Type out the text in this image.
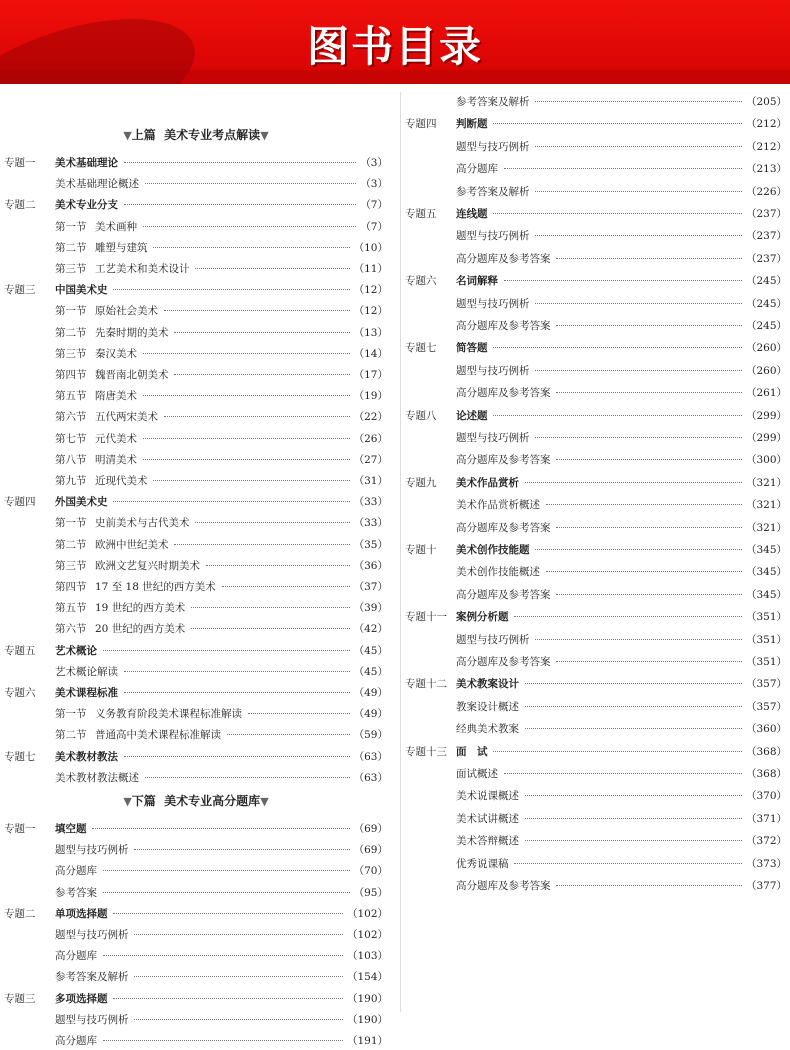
图书目录
▼上篇 美术专业考点解读▼
专题一 美术基础理论	（3）
美术基础理论概述	（3）
专题二 美术专业分支	（7）
第一节 美术画种	（7）
第二节 雕塑与建筑	（10）
第三节 工艺美术和美术设计	（11）
专题三 中国美术史	（12）
第一节 原始社会美术	（12）
第二节 先秦时期的美术	（13）
第三节 秦汉美术	（14）
第四节 魏晋南北朝美术	（17）
第五节 隋唐美术	（19）
第六节 五代两宋美术	（22）
第七节 元代美术	（26）
第八节 明清美术	（27）
第九节 近现代美术	（31）
专题四 外国美术史	（33）
第一节 史前美术与古代美术	（33）
第二节 欧洲中世纪美术	（35）
第三节 欧洲文艺复兴时期美术	（36）
第四节 17 至 18 世纪的西方美术	（37）
第五节 19 世纪的西方美术	（39）
第六节 20 世纪的西方美术	（42）
专题五 艺术概论	（45）
艺术概论解读	（45）
专题六 美术课程标准	（49）
第一节 义务教育阶段美术课程标准解读	（49）
第二节 普通高中美术课程标准解读	（59）
专题七 美术教材教法	（63）
美术教材教法概述	（63）
▼下篇 美术专业高分题库▼
专题一 填空题	（69）
题型与技巧例析	（69）
高分题库	（70）
参考答案	（95）
专题二 单项选择题	（102）
题型与技巧例析	（102）
高分题库	（103）
参考答案及解析	（154）
专题三 多项选择题	（190）
题型与技巧例析	（190）
高分题库	（191）
参考答案及解析	（205）
专题四 判断题	（212）
题型与技巧例析	（212）
高分题库	（213）
参考答案及解析	（226）
专题五 连线题	（237）
题型与技巧例析	（237）
高分题库及参考答案	（237）
专题六 名词解释	（245）
题型与技巧例析	（245）
高分题库及参考答案	（245）
专题七 简答题	（260）
题型与技巧例析	（260）
高分题库及参考答案	（261）
专题八 论述题	（299）
题型与技巧例析	（299）
高分题库及参考答案	（300）
专题九 美术作品赏析	（321）
美术作品赏析概述	（321）
高分题库及参考答案	（321）
专题十 美术创作技能题	（345）
美术创作技能概述	（345）
高分题库及参考答案	（345）
专题十一 案例分析题	（351）
题型与技巧例析	（351）
高分题库及参考答案	（351）
专题十二 美术教案设计	（357）
教案设计概述	（357）
经典美术教案	（360）
专题十三 面　试	（368）
面试概述	（368）
美术说课概述	（370）
美术试讲概述	（371）
美术答辩概述	（372）
优秀说课稿	（373）
高分题库及参考答案	（377）
